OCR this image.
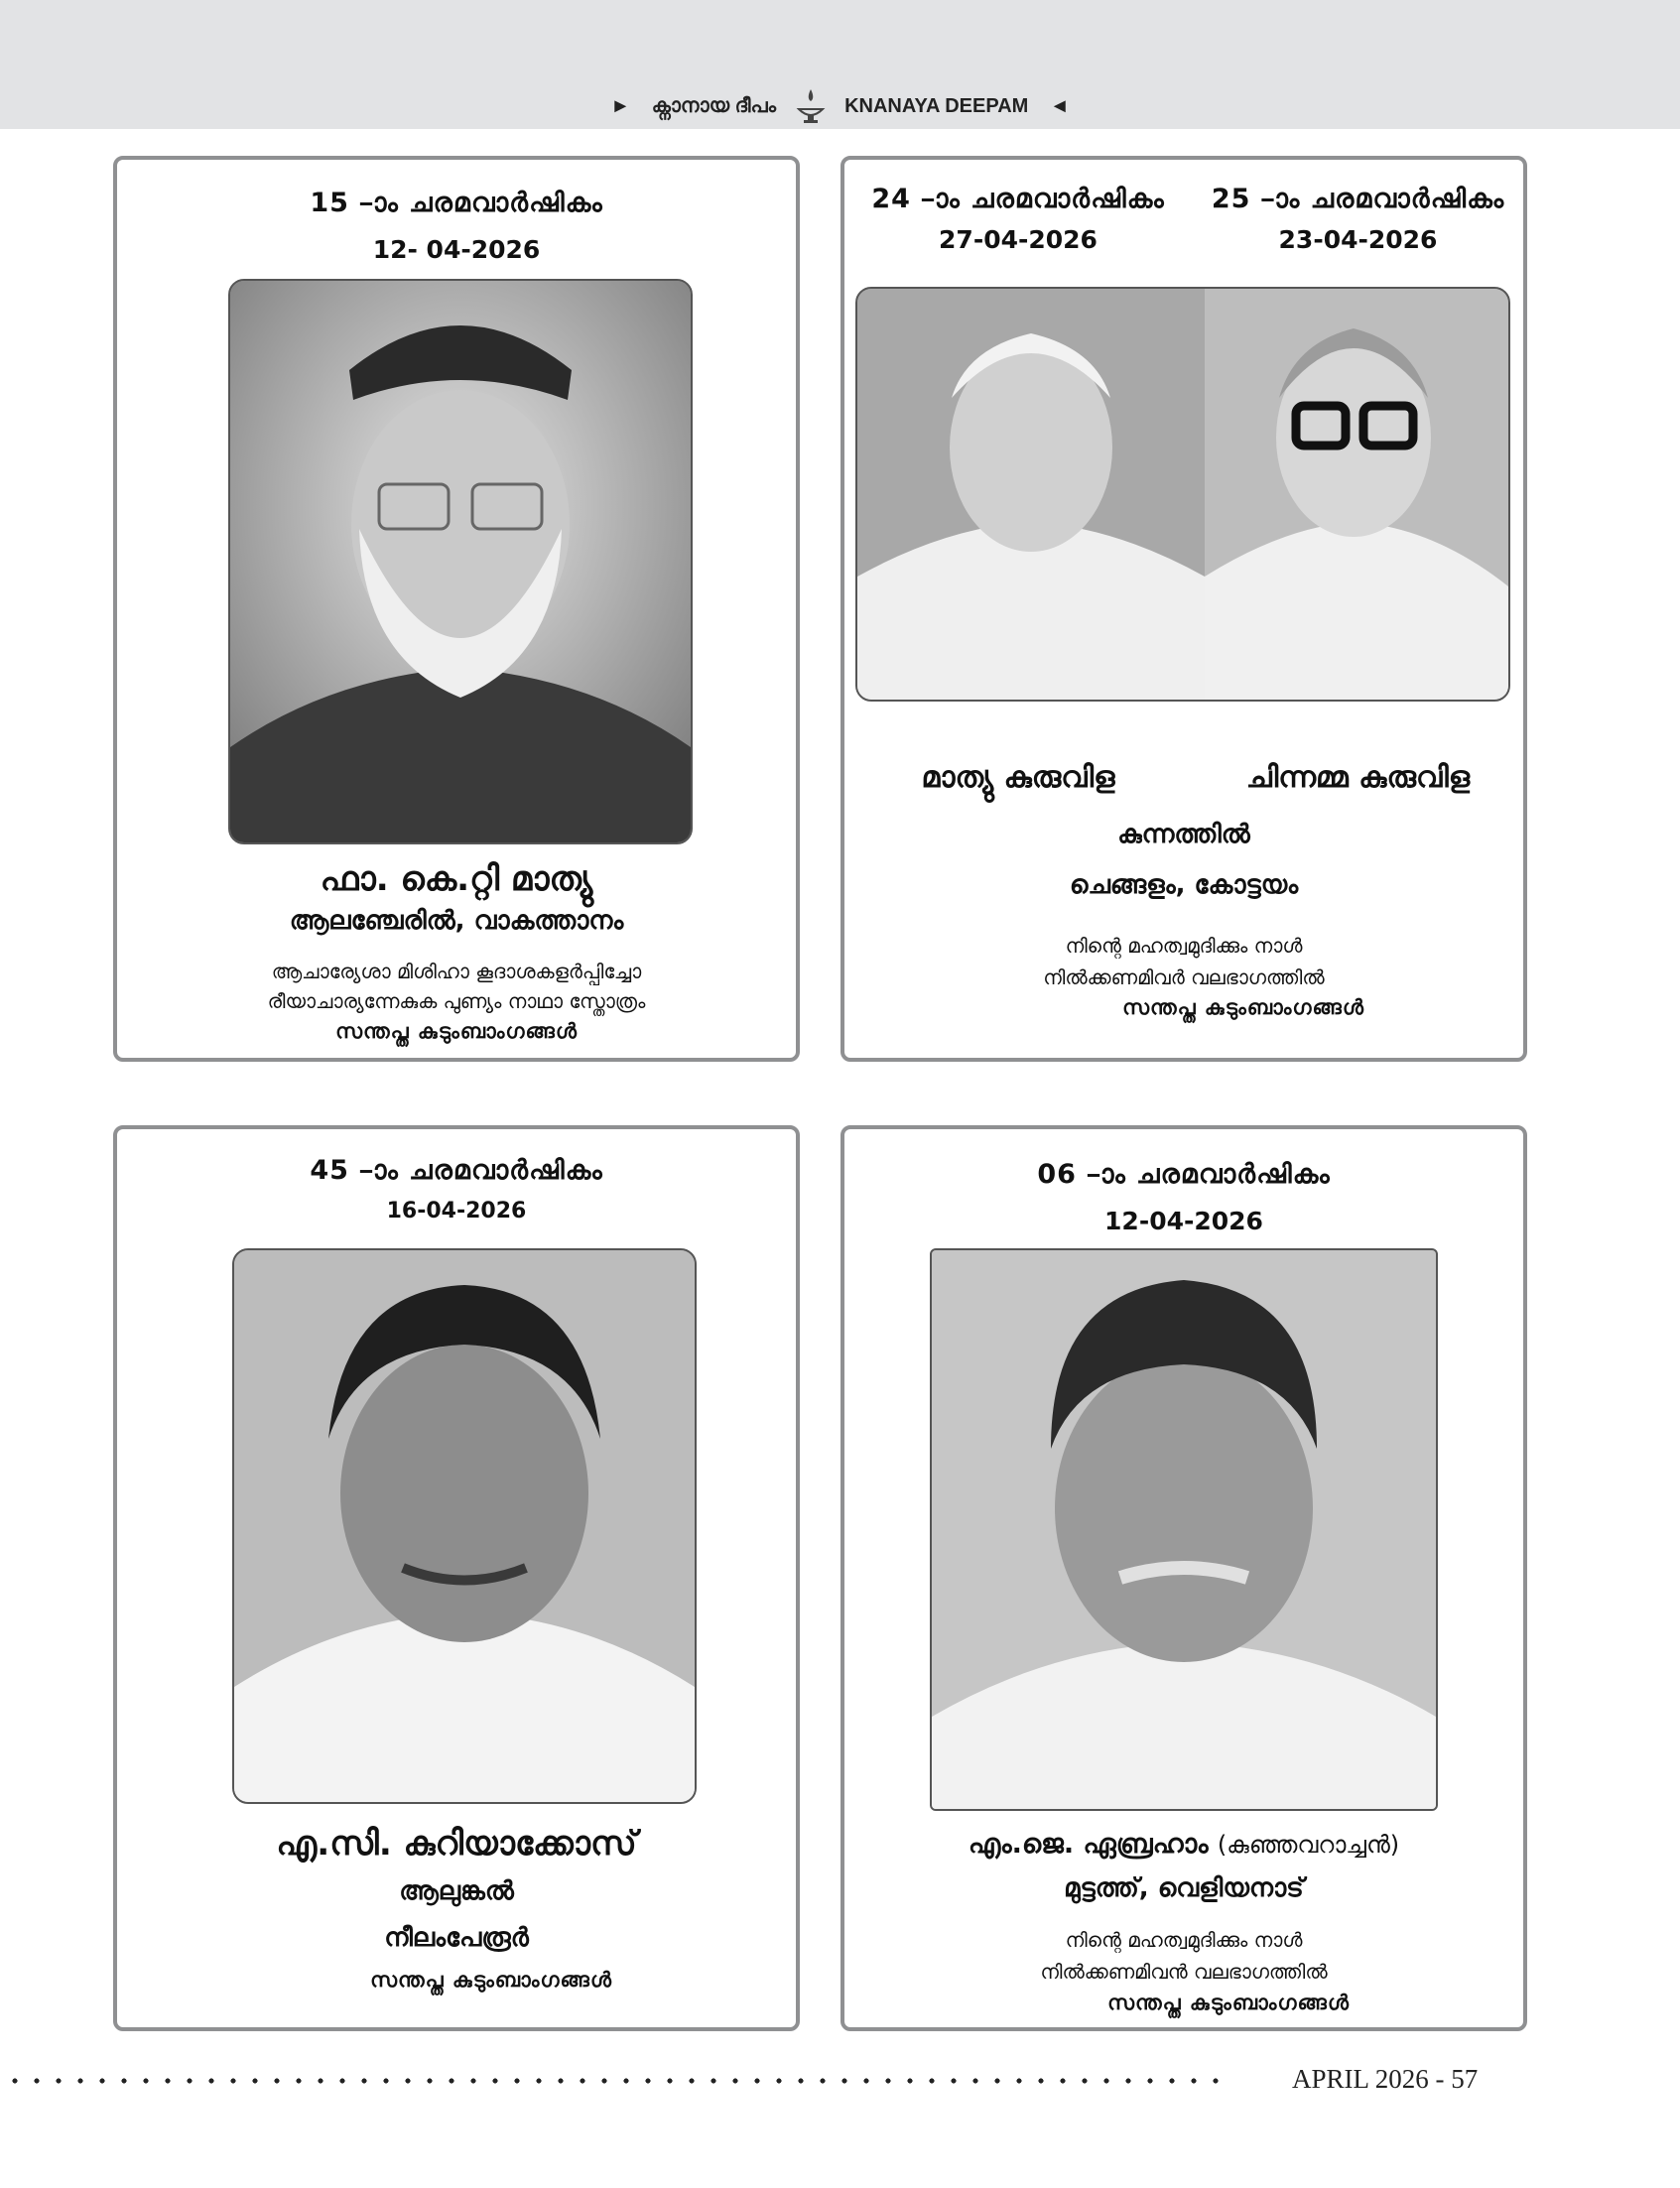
► ക്നാനായ ദീപം	KNANAYA DEEPAM ◄
15 –ാം ചരമവാർഷികം
12- 04-2026
ഫാ. കെ.റ്റി മാത്യു
ആലഞ്ചേരിൽ, വാകത്താനം
ആചാര്യേശാ മിശിഹാ കൂദാശകളർപ്പിച്ചോ
രീയാചാര്യന്നേകുക പുണ്യം നാഥാ സ്തോത്രം
സന്തപ്ത കുടുംബാംഗങ്ങൾ
24 –ാം ചരമവാർഷികം	25 –ാം ചരമവാർഷികം
27-04-2026	23-04-2026
മാത്യു കുരുവിള	ചിന്നമ്മ കുരുവിള
കുന്നത്തിൽ
ചെങ്ങളം, കോട്ടയം
നിന്റെ മഹത്വമുദിക്കും നാൾ
നിൽക്കണമിവർ വലഭാഗത്തിൽ
സന്തപ്ത കുടുംബാംഗങ്ങൾ
45 –ാം ചരമവാർഷികം
16-04-2026
എ.സി. കുറിയാക്കോസ്
ആലുങ്കൽ
നീലംപേരൂർ
സന്തപ്ത കുടുംബാംഗങ്ങൾ
06 –ാം ചരമവാർഷികം
12-04-2026
എം.ജെ. ഏബ്രഹാം (കുഞ്ഞവറാച്ചൻ)
മുട്ടത്ത്, വെളിയനാട്
നിന്റെ മഹത്വമുദിക്കും നാൾ
നിൽക്കണമിവൻ വലഭാഗത്തിൽ
സന്തപ്ത കുടുംബാംഗങ്ങൾ
APRIL 2026 - 57
